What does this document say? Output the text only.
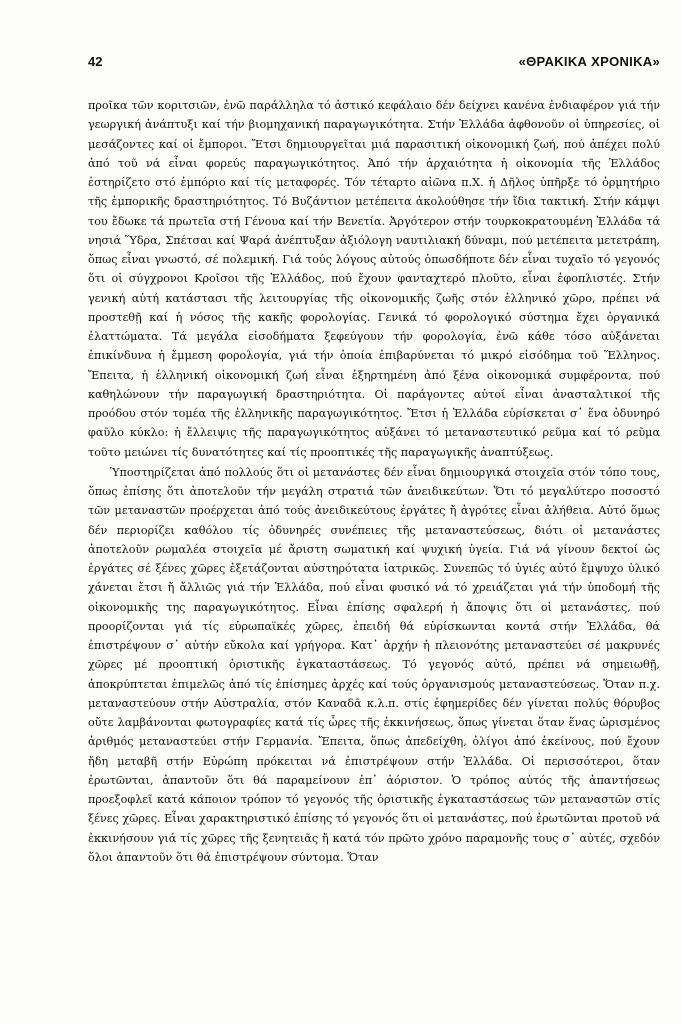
42	«ΘΡΑΚΙΚΑ ΧΡΟΝΙΚΑ»

προῖκα τῶν κοριτσιῶν, ἐνῶ παράλληλα τό ἀστικό κεφάλαιο δέν δείχνει κανένα ἐνδιαφέρον γιά τήν γεωργική ἀνάπτυξι καί τήν βιομηχανική παραγωγικότητα. Στήν Ἑλλάδα ἀφθονοῦν οἱ ὑπηρεσίες, οἱ μεσάζοντες καί οἱ ἔμποροι. Ἔτσι δημιουργεῖται μιά παρασιτική οἰκονομική ζωή, πού ἀπέχει πολύ ἀπό τοῦ νά εἶναι φορεύς παραγωγικότητος. Ἀπό τήν ἀρχαιότητα ἡ οἰκονομία τῆς Ἑλλάδος ἐστηρίζετο στό ἐμπόριο καί τίς μεταφορές. Τόν τέταρτο αἰῶνα π.Χ. ἡ Δῆλος ὑπῆρξε τό ὁρμητήριο τῆς ἐμπορικῆς δραστηριότητος. Τό Βυζάντιον μετέπειτα ἀκολούθησε τήν ἴδια τακτική. Στήν κάμψι του ἔδωκε τά πρωτεῖα στή Γένουα καί τήν Βενετία. Ἀργότερον στήν τουρκοκρατουμένη Ἑλλάδα τά νησιά Ὕδρα, Σπέτσαι καί Ψαρά ἀνέπτυξαν ἀξιόλογη ναυτιλιακή δύναμι, πού μετέπειτα μετετράπη, ὅπως εἶναι γνωστό, σέ πολεμική. Γιά τούς λόγους αὐτούς ὁπωσδήποτε δέν εἶναι τυχαῖο τό γεγονός ὅτι οἱ σύγχρονοι Κροῖσοι τῆς Ἑλλάδος, πού ἔχουν φανταχτερό πλοῦτο, εἶναι ἐφοπλιστές. Στήν γενική αὐτή κατάστασι τῆς λειτουργίας τῆς οἰκονομικῆς ζωῆς στόν ἑλληνικό χῶρο, πρέπει νά προστεθῇ καί ἡ νόσος τῆς κακῆς φορολογίας. Γενικά τό φορολογικό σύστημα ἔχει ὀργανικά ἐλαττώματα. Τά μεγάλα εἰσοδήματα ξεφεύγουν τήν φορολογία, ἐνῶ κάθε τόσο αὐξάνεται ἐπικίνδυνα ἡ ἔμμεση φορολογία, γιά τήν ὁποία ἐπιβαρύνεται τό μικρό εἰσόδημα τοῦ Ἕλληνος. Ἔπειτα, ἡ ἑλληνική οἰκονομική ζωή εἶναι ἐξηρτημένη ἀπό ξένα οἰκονομικά συμφέροντα, πού καθηλώνουν τήν παραγωγική δραστηριότητα. Οἱ παράγοντες αὐτοί εἶναι ἀνασταλτικοί τῆς προόδου στόν τομέα τῆς ἑλληνικῆς παραγωγικότητος. Ἔτσι ἡ Ἑλλάδα εὑρίσκεται σ᾽ ἕνα ὀδυνηρό φαῦλο κύκλο: ἡ ἔλλειψις τῆς παραγωγικότητος αὐξάνει τό μεταναστευτικό ρεῦμα καί τό ρεῦμα τοῦτο μειώνει τίς δυνατότητες καί τίς προοπτικές τῆς παραγωγικῆς ἀναπτύξεως.

Ὑποστηρίζεται ἀπό πολλούς ὅτι οἱ μετανάστες δέν εἶναι δημιουργικά στοιχεῖα στόν τόπο τους, ὅπως ἐπίσης ὅτι ἀποτελοῦν τήν μεγάλη στρατιά τῶν ἀνειδικεύτων. Ὅτι τό μεγαλύτερο ποσοστό τῶν μεταναστῶν προέρχεται ἀπό τούς ἀνειδικεύτους ἐργάτες ἤ ἀγρότες εἶναι ἀλήθεια. Αὐτό ὅμως δέν περιορίζει καθόλου τίς ὀδυνηρές συνέπειες τῆς μεταναστεύσεως, διότι οἱ μετανάστες ἀποτελοῦν ρωμαλέα στοιχεῖα μέ ἄριστη σωματική καί ψυχική ὑγεία. Γιά νά γίνουν δεκτοί ὡς ἐργάτες σέ ξένες χῶρες ἐξετάζονται αὐστηρότατα ἰατρικῶς. Συνεπῶς τό ὑγιές αὐτό ἔμψυχο ὑλικό χάνεται ἔτσι ἤ ἄλλιῶς γιά τήν Ἑλλάδα, πού εἶναι φυσικό νά τό χρειάζεται γιά τήν ὑποδομή τῆς οἰκονομικῆς της παραγωγικότητος. Εἶναι ἐπίσης σφαλερή ἡ ἄποψις ὅτι οἱ μετανάστες, πού προορίζονται γιά τίς εὐρωπαϊκές χῶρες, ἐπειδή θά εὑρίσκωνται κοντά στήν Ἑλλάδα, θά ἐπιστρέψουν σ᾽ αὐτήν εὔκολα καί γρήγορα. Κατ᾽ ἀρχήν ἡ πλειονότης μεταναστεύει σέ μακρυνές χῶρες μέ προοπτική ὁριστικῆς ἐγκαταστάσεως. Τό γεγονός αὐτό, πρέπει νά σημειωθῇ, ἀποκρύπτεται ἐπιμελῶς ἀπό τίς ἐπίσημες ἀρχές καί τούς ὀργανισμούς μεταναστεύσεως. Ὅταν π.χ. μεταναστεύουν στήν Αὐστραλία, στόν Καναδᾶ κ.λ.π. στίς ἐφημερίδες δέν γίνεται πολύς θόρυβος οὔτε λαμβάνονται φωτογραφίες κατά τίς ὧρες τῆς ἐκκινήσεως, ὅπως γίνεται ὅταν ἕνας ὡρισμένος ἀριθμός μεταναστεύει στήν Γερμανία. Ἔπειτα, ὅπως ἀπεδείχθη, ὀλίγοι ἀπό ἐκείνους, πού ἔχουν ἤδη μεταβῆ στήν Εὐρώπη πρόκειται νά ἐπιστρέψουν στήν Ἑλλάδα. Οἱ περισσότεροι, ὅταν ἐρωτῶνται, ἀπαντοῦν ὅτι θά παραμείνουν ἐπ᾽ ἀόριστον. Ὁ τρόπος αὐτός τῆς ἀπαντήσεως προεξοφλεῖ κατά κάποιον τρόπον τό γεγονός τῆς ὁριστικῆς ἐγκαταστάσεως τῶν μεταναστῶν στίς ξένες χῶρες. Εἶναι χαρακτηριστικό ἐπίσης τό γεγονός ὅτι οἱ μετανάστες, πού ἐρωτῶνται προτοῦ νά ἐκκινήσουν γιά τίς χῶρες τῆς ξενητειᾶς ἤ κατά τόν πρῶτο χρόνο παραμονῆς τους σ᾽ αὐτές, σχεδόν ὅλοι ἀπαντοῦν ὅτι θά ἐπιστρέψουν σύντομα. Ὅταν
